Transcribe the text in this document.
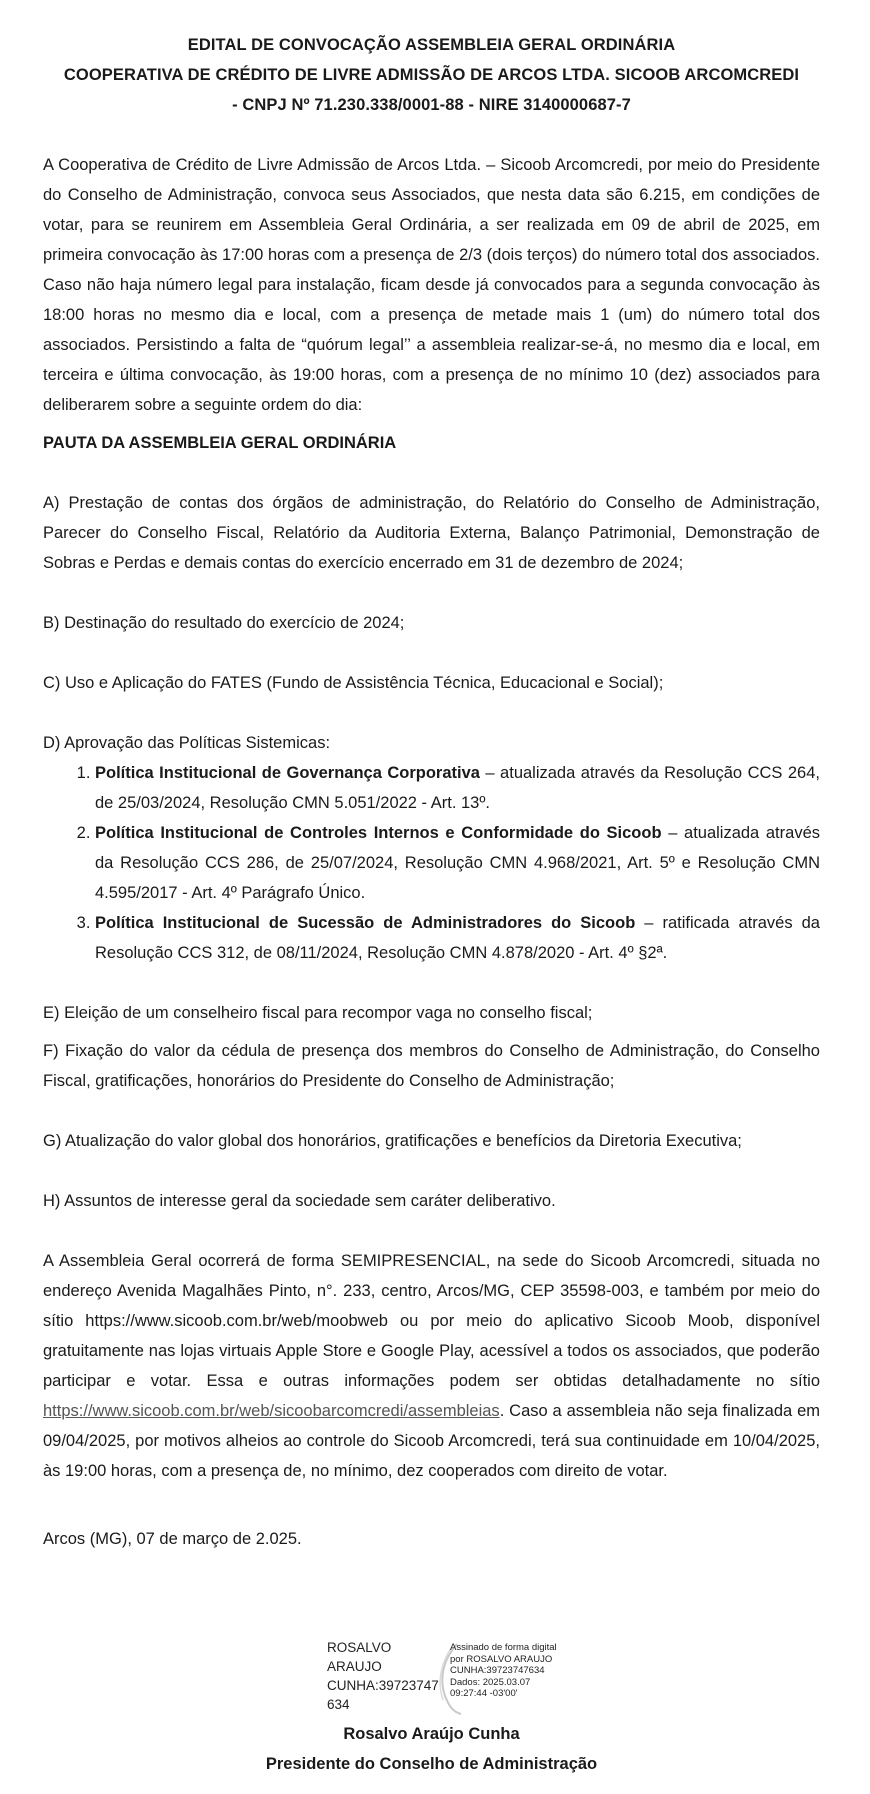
EDITAL DE CONVOCAÇÃO ASSEMBLEIA GERAL ORDINÁRIA

COOPERATIVA DE CRÉDITO DE LIVRE ADMISSÃO DE ARCOS LTDA. SICOOB ARCOMCREDI

- CNPJ Nº 71.230.338/0001-88 - NIRE 3140000687-7

A Cooperativa de Crédito de Livre Admissão de Arcos Ltda. – Sicoob Arcomcredi, por meio do Presidente do Conselho de Administração, convoca seus Associados, que nesta data são 6.215, em condições de votar, para se reunirem em Assembleia Geral Ordinária, a ser realizada em 09 de abril de 2025, em primeira convocação às 17:00 horas com a presença de 2/3 (dois terços) do número total dos associados. Caso não haja número legal para instalação, ficam desde já convocados para a segunda convocação às 18:00 horas no mesmo dia e local, com a presença de metade mais 1 (um) do número total dos associados. Persistindo a falta de “quórum legal’’ a assembleia realizar-se-á, no mesmo dia e local, em terceira e última convocação, às 19:00 horas, com a presença de no mínimo 10 (dez) associados para deliberarem sobre a seguinte ordem do dia:

PAUTA DA ASSEMBLEIA GERAL ORDINÁRIA

A) Prestação de contas dos órgãos de administração, do Relatório do Conselho de Administração, Parecer do Conselho Fiscal, Relatório da Auditoria Externa, Balanço Patrimonial, Demonstração de Sobras e Perdas e demais contas do exercício encerrado em 31 de dezembro de 2024;

B) Destinação do resultado do exercício de 2024;

C) Uso e Aplicação do FATES (Fundo de Assistência Técnica, Educacional e Social);

D) Aprovação das Políticas Sistemicas:

1. Política Institucional de Governança Corporativa – atualizada através da Resolução CCS 264, de 25/03/2024, Resolução CMN 5.051/2022 - Art. 13º.
2. Política Institucional de Controles Internos e Conformidade do Sicoob – atualizada através da Resolução CCS 286, de 25/07/2024, Resolução CMN 4.968/2021, Art. 5º e Resolução CMN 4.595/2017 - Art. 4º Parágrafo Único.
3. Política Institucional de Sucessão de Administradores do Sicoob – ratificada através da Resolução CCS 312, de 08/11/2024, Resolução CMN 4.878/2020 - Art. 4º §2ª.

E) Eleição de um conselheiro fiscal para recompor vaga no conselho fiscal;

F) Fixação do valor da cédula de presença dos membros do Conselho de Administração, do Conselho Fiscal, gratificações, honorários do Presidente do Conselho de Administração;

G) Atualização do valor global dos honorários, gratificações e benefícios da Diretoria Executiva;

H) Assuntos de interesse geral da sociedade sem caráter deliberativo.

A Assembleia Geral ocorrerá de forma SEMIPRESENCIAL, na sede do Sicoob Arcomcredi, situada no endereço Avenida Magalhães Pinto, n°. 233, centro, Arcos/MG, CEP 35598-003, e também por meio do sítio https://www.sicoob.com.br/web/moobweb ou por meio do aplicativo Sicoob Moob, disponível gratuitamente nas lojas virtuais Apple Store e Google Play, acessível a todos os associados, que poderão participar e votar. Essa e outras informações podem ser obtidas detalhadamente no sítio https://www.sicoob.com.br/web/sicoobarcomcredi/assembleias. Caso a assembleia não seja finalizada em 09/04/2025, por motivos alheios ao controle do Sicoob Arcomcredi, terá sua continuidade em 10/04/2025, às 19:00 horas, com a presença de, no mínimo, dez cooperados com direito de votar.

Arcos (MG), 07 de março de 2.025.

ROSALVO
ARAUJO
CUNHA:39723747
634
Assinado de forma digital
por ROSALVO ARAUJO
CUNHA:39723747634
Dados: 2025.03.07
09:27:44 -03'00'
Rosalvo Araújo Cunha
Presidente do Conselho de Administração
